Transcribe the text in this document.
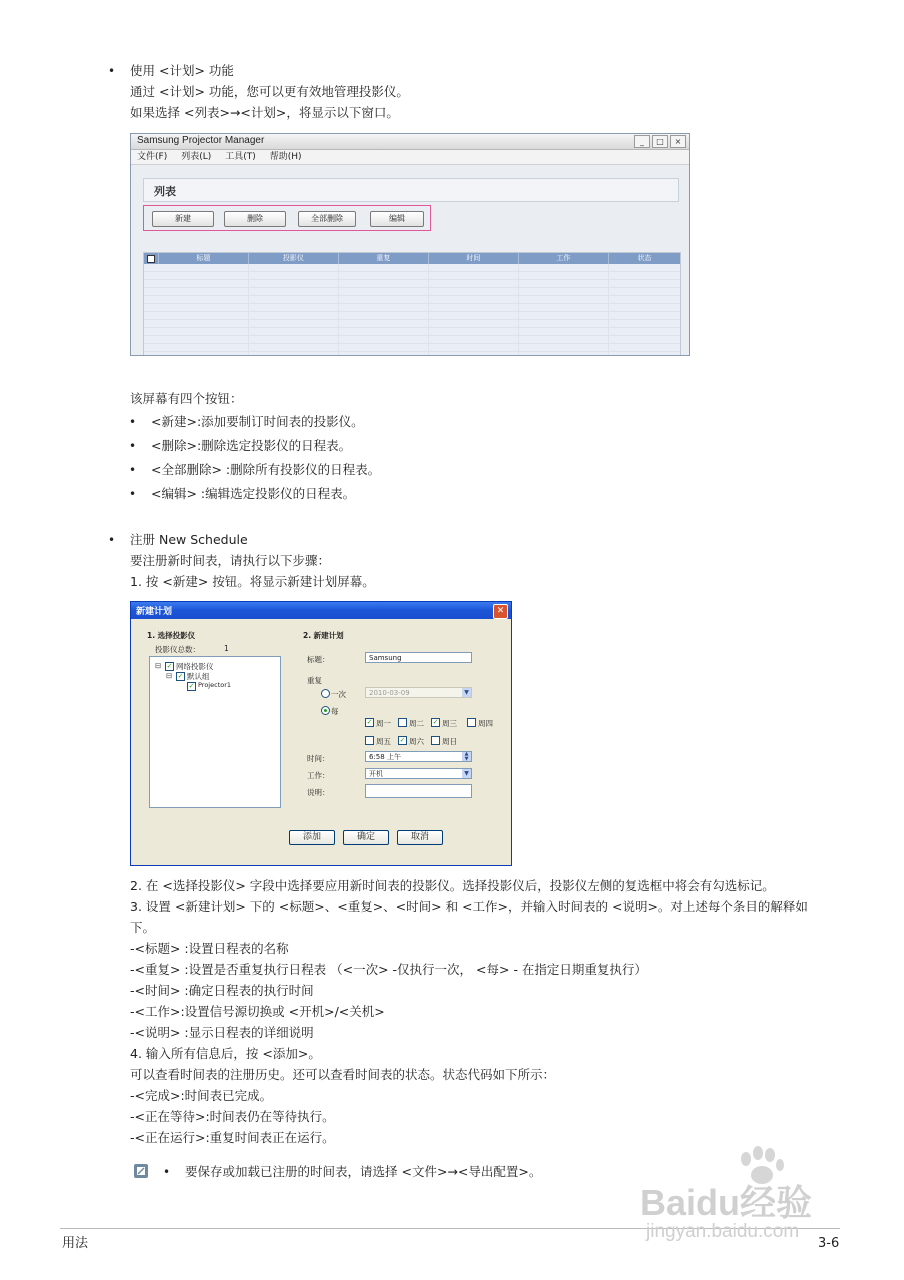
• 使用 <计划> 功能
通过 <计划> 功能，您可以更有效地管理投影仪。
如果选择 <列表>→<计划>，将显示以下窗口。
Samsung Projector Manager	_	□	×
文件(F) 列表(L) 工具(T) 帮助(H)
列表
新建	删除	全部删除	编辑
标题	投影仪	重复	时间	工作	状态
该屏幕有四个按钮：
• <新建>:添加要制订时间表的投影仪。
• <删除>:删除选定投影仪的日程表。
• <全部删除> :删除所有投影仪的日程表。
• <编辑> :编辑选定投影仪的日程表。
• 注册 New Schedule
要注册新时间表，请执行以下步骤：
1. 按 <新建> 按钮。将显示新建计划屏幕。
新建计划	✕
1. 选择投影仪
投影仪总数：	1
⊟ ✓ 网络投影仪
⊟ ✓ 默认组
✓ Projector1
2. 新建计划
标题：	Samsung
重复
一次	2010-03-09	▼
每
✓ 周一 周二 ✓ 周三	周四
周五 ✓ 周六 周日
时间：	6:58 上午	▲
▼
工作：	开机	▼
说明：
添加	确定	取消
2. 在 <选择投影仪> 字段中选择要应用新时间表的投影仪。选择投影仪后，投影仪左侧的复选框中将会有勾选标记。
3. 设置 <新建计划> 下的 <标题>、<重复>、<时间> 和 <工作>，并输入时间表的 <说明>。对上述每个条目的解释如
下。
-<标题> :设置日程表的名称
-<重复> :设置是否重复执行日程表 （<一次> -仅执行一次， <每> - 在指定日期重复执行）
-<时间> :确定日程表的执行时间
-<工作>:设置信号源切换或 <开机>/<关机>
-<说明> :显示日程表的详细说明
4. 输入所有信息后，按 <添加>。
可以查看时间表的注册历史。还可以查看时间表的状态。状态代码如下所示：
-<完成>:时间表已完成。
-<正在等待>:时间表仍在等待执行。
-<正在运行>:重复时间表正在运行。
• 要保存或加载已注册的时间表，请选择 <文件>→<导出配置>。
用法	3-6
Baidu经验
jingyan.baidu.com
